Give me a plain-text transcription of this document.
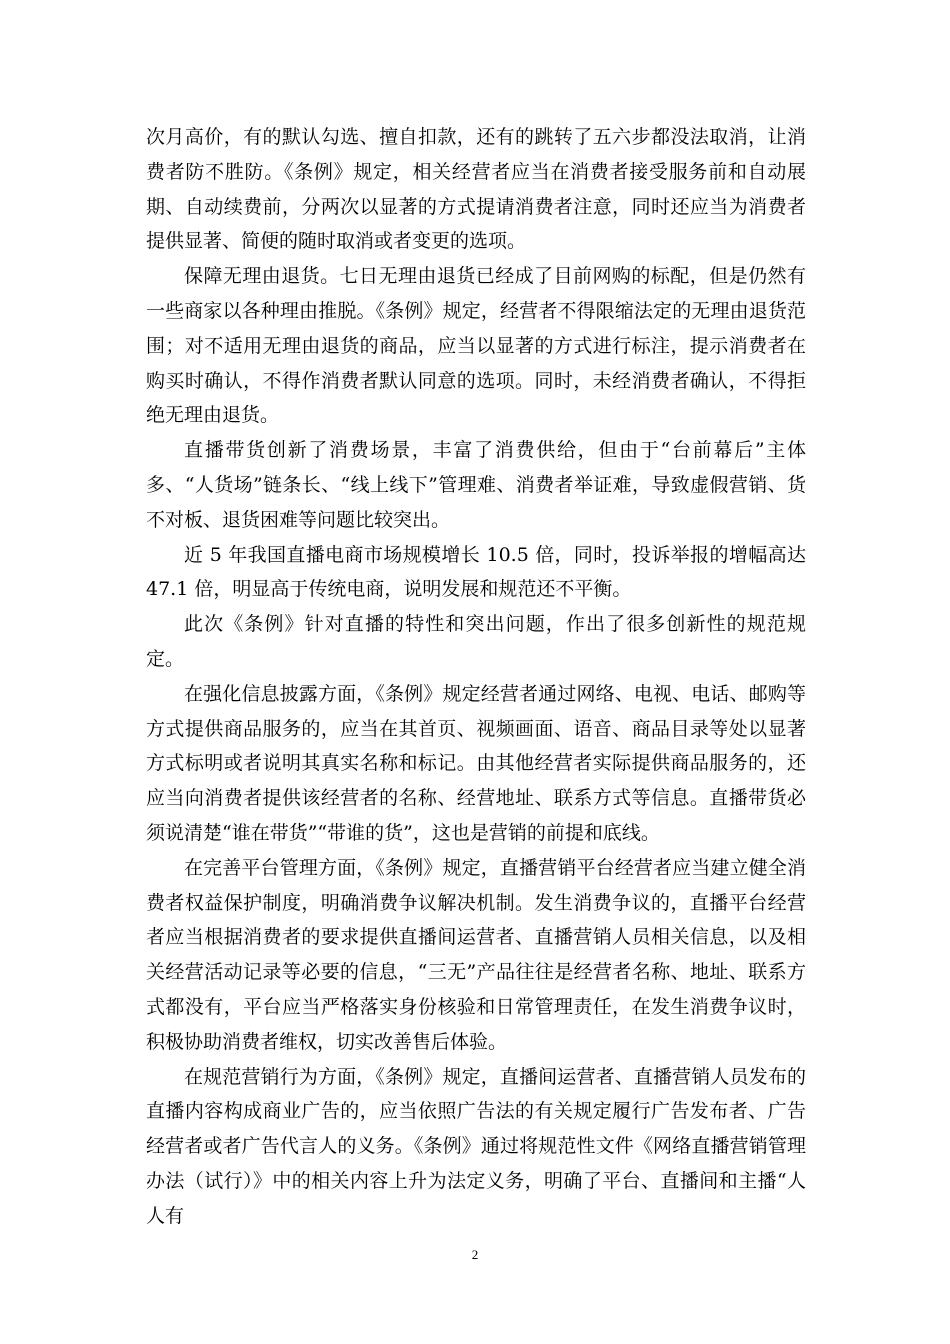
次月高价，有的默认勾选、擅自扣款，还有的跳转了五六步都没法取消，让消费者防不胜防。《条例》规定，相关经营者应当在消费者接受服务前和自动展期、自动续费前，分两次以显著的方式提请消费者注意，同时还应当为消费者提供显著、简便的随时取消或者变更的选项。

保障无理由退货。七日无理由退货已经成了目前网购的标配，但是仍然有一些商家以各种理由推脱。《条例》规定，经营者不得限缩法定的无理由退货范围；对不适用无理由退货的商品，应当以显著的方式进行标注，提示消费者在购买时确认，不得作消费者默认同意的选项。同时，未经消费者确认，不得拒绝无理由退货。

直播带货创新了消费场景，丰富了消费供给，但由于“台前幕后”主体多、“人货场”链条长、“线上线下”管理难、消费者举证难，导致虚假营销、货不对板、退货困难等问题比较突出。

近 5 年我国直播电商市场规模增长 10.5 倍，同时，投诉举报的增幅高达 47.1 倍，明显高于传统电商，说明发展和规范还不平衡。

此次《条例》针对直播的特性和突出问题，作出了很多创新性的规范规定。

在强化信息披露方面，《条例》规定经营者通过网络、电视、电话、邮购等方式提供商品服务的，应当在其首页、视频画面、语音、商品目录等处以显著方式标明或者说明其真实名称和标记。由其他经营者实际提供商品服务的，还应当向消费者提供该经营者的名称、经营地址、联系方式等信息。直播带货必须说清楚“谁在带货”“带谁的货”，这也是营销的前提和底线。

在完善平台管理方面，《条例》规定，直播营销平台经营者应当建立健全消费者权益保护制度，明确消费争议解决机制。发生消费争议的，直播平台经营者应当根据消费者的要求提供直播间运营者、直播营销人员相关信息，以及相关经营活动记录等必要的信息，“三无”产品往往是经营者名称、地址、联系方式都没有，平台应当严格落实身份核验和日常管理责任，在发生消费争议时，积极协助消费者维权，切实改善售后体验。

在规范营销行为方面，《条例》规定，直播间运营者、直播营销人员发布的直播内容构成商业广告的，应当依照广告法的有关规定履行广告发布者、广告经营者或者广告代言人的义务。《条例》通过将规范性文件《网络直播营销管理办法（试行）》中的相关内容上升为法定义务，明确了平台、直播间和主播“人人有

2
